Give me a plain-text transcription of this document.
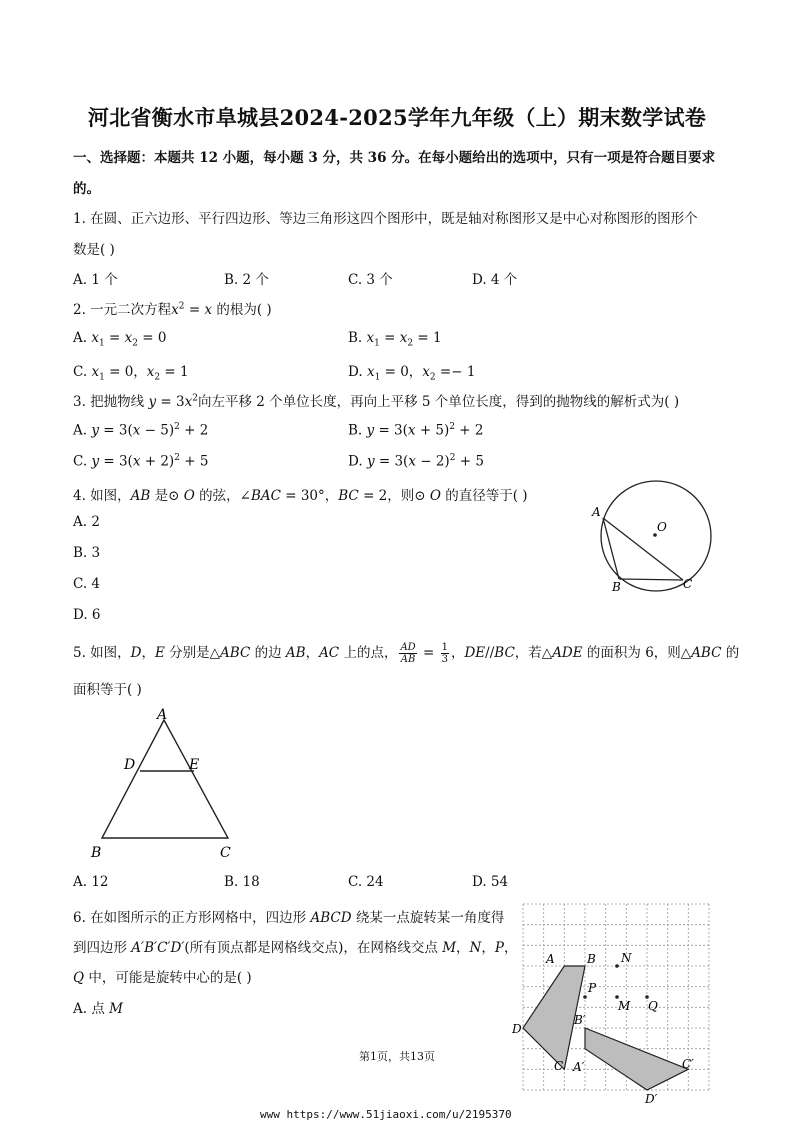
河北省衡水市阜城县2024-2025学年九年级（上）期末数学试卷
一、选择题：本题共 12 小题，每小题 3 分，共 36 分。在每小题给出的选项中，只有一项是符合题目要求
的。
1. 在圆、正六边形、平行四边形、等边三角形这四个图形中，既是轴对称图形又是中心对称图形的图形个
数是( )
A. 1 个	B. 2 个	C. 3 个	D. 4 个
2. 一元二次方程$x^2 = x$ 的根为( )
A. $x_1 = x_2 = 0$	B. $x_1 = x_2 = 1$
C. $x_1 = 0$，$x_2 = 1$	D. $x_1 = 0$，$x_2 =- 1$
3. 把抛物线 $y = 3x^2$向左平移 2 个单位长度，再向上平移 5 个单位长度，得到的抛物线的解析式为( )
A. $y = 3(x - 5)^2 + 2$	B. $y = 3(x + 5)^2 + 2$
C. $y = 3(x + 2)^2 + 5$	D. $y = 3(x - 2)^2 + 5$
4. 如图，AB 是⊙ O 的弦，∠BAC = 30°，BC = 2，则⊙ O 的直径等于( )
A. 2
B. 3
C. 4
D. 6
A
O
B	C
5. 如图，D，E 分别是△ABC 的边 AB，AC 上的点， $\frac{AD}{AB} = \frac{1}{3}$ ，DE//BC，若△ADE 的面积为 6，则△ABC 的
面积等于( )
A
D	E
B	C
A. 12	B. 18	C. 24	D. 54
6. 在如图所示的正方形网格中，四边形 ABCD 绕某一点旋转某一角度得
到四边形 A′B′C′D′(所有顶点都是网格线交点)，在网格线交点 M，N，P，
Q 中，可能是旋转中心的是( )
A. 点 M
A	B N
P
M Q
D
B′
C A′	C′
D′
第1页，共13页
www https://www.51jiaoxi.com/u/2195370
